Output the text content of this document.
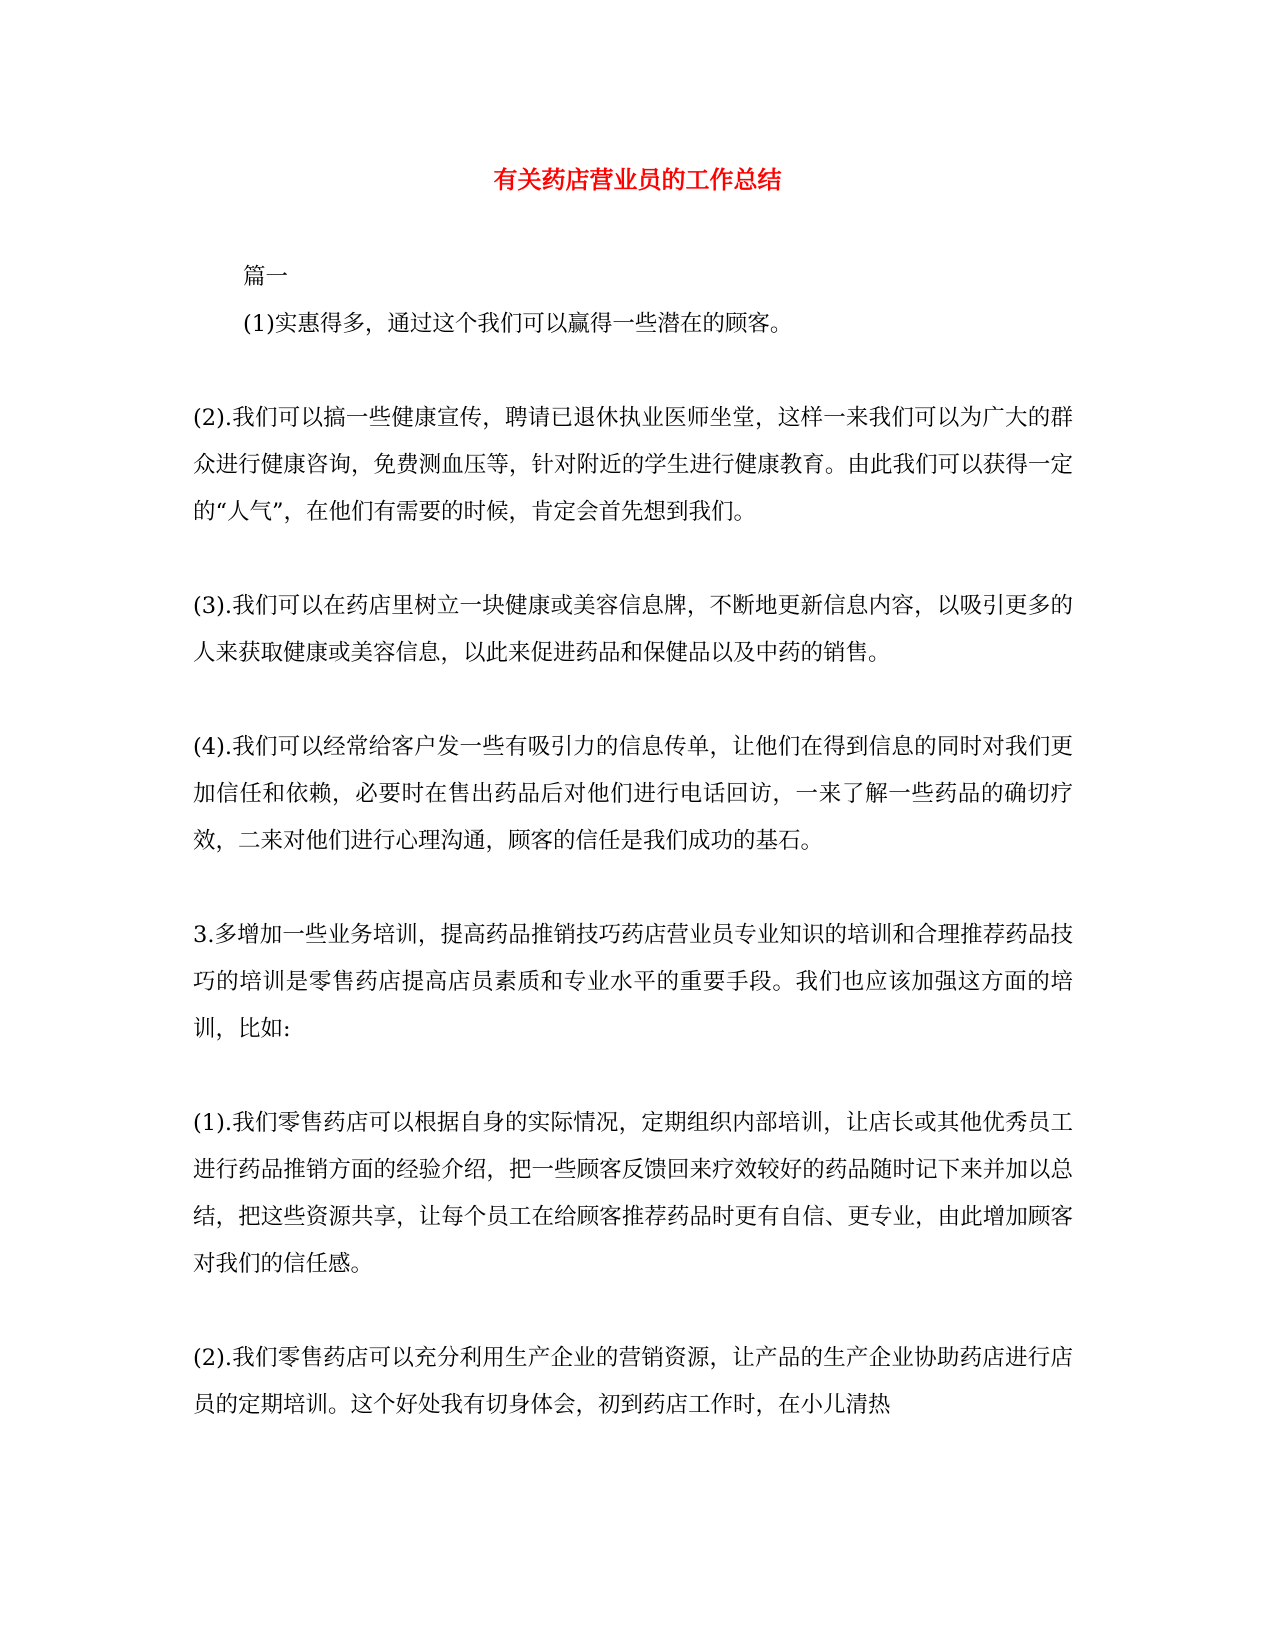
有关药店营业员的工作总结

篇一

(1)实惠得多，通过这个我们可以赢得一些潜在的顾客。

(2).我们可以搞一些健康宣传，聘请已退休执业医师坐堂，这样一来我们可以为广大的群众进行健康咨询，免费测血压等，针对附近的学生进行健康教育。由此我们可以获得一定的“人气”，在他们有需要的时候，肯定会首先想到我们。

(3).我们可以在药店里树立一块健康或美容信息牌，不断地更新信息内容，以吸引更多的人来获取健康或美容信息，以此来促进药品和保健品以及中药的销售。

(4).我们可以经常给客户发一些有吸引力的信息传单，让他们在得到信息的同时对我们更加信任和依赖，必要时在售出药品后对他们进行电话回访，一来了解一些药品的确切疗效，二来对他们进行心理沟通，顾客的信任是我们成功的基石。

3.多增加一些业务培训，提高药品推销技巧药店营业员专业知识的培训和合理推荐药品技巧的培训是零售药店提高店员素质和专业水平的重要手段。我们也应该加强这方面的培训，比如:

(1).我们零售药店可以根据自身的实际情况，定期组织内部培训，让店长或其他优秀员工进行药品推销方面的经验介绍，把一些顾客反馈回来疗效较好的药品随时记下来并加以总结，把这些资源共享，让每个员工在给顾客推荐药品时更有自信、更专业，由此增加顾客对我们的信任感。

(2).我们零售药店可以充分利用生产企业的营销资源，让产品的生产企业协助药店进行店员的定期培训。这个好处我有切身体会，初到药店工作时，在小儿清热
